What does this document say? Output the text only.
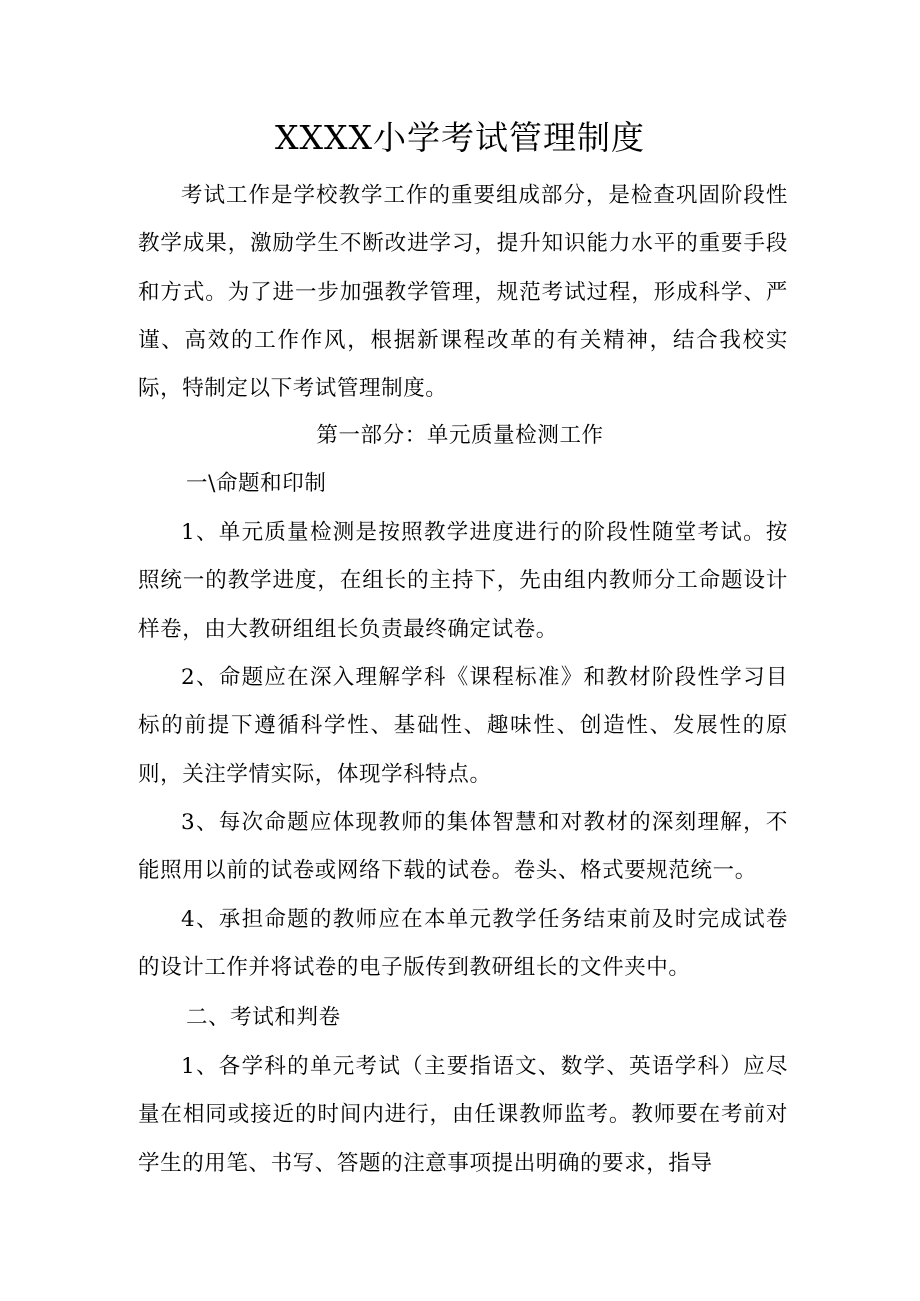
XXXX小学考试管理制度

考试工作是学校教学工作的重要组成部分，是检查巩固阶段性教学成果，激励学生不断改进学习，提升知识能力水平的重要手段和方式。为了进一步加强教学管理，规范考试过程，形成科学、严谨、高效的工作作风，根据新课程改革的有关精神，结合我校实际，特制定以下考试管理制度。

第一部分：单元质量检测工作

一\命题和印制

1、单元质量检测是按照教学进度进行的阶段性随堂考试。按照统一的教学进度，在组长的主持下，先由组内教师分工命题设计样卷，由大教研组组长负责最终确定试卷。

2、命题应在深入理解学科《课程标准》和教材阶段性学习目标的前提下遵循科学性、基础性、趣味性、创造性、发展性的原则，关注学情实际，体现学科特点。

3、每次命题应体现教师的集体智慧和对教材的深刻理解，不能照用以前的试卷或网络下载的试卷。卷头、格式要规范统一。

4、承担命题的教师应在本单元教学任务结束前及时完成试卷的设计工作并将试卷的电子版传到教研组长的文件夹中。

二、考试和判卷

1、各学科的单元考试（主要指语文、数学、英语学科）应尽量在相同或接近的时间内进行，由任课教师监考。教师要在考前对学生的用笔、书写、答题的注意事项提出明确的要求，指导
